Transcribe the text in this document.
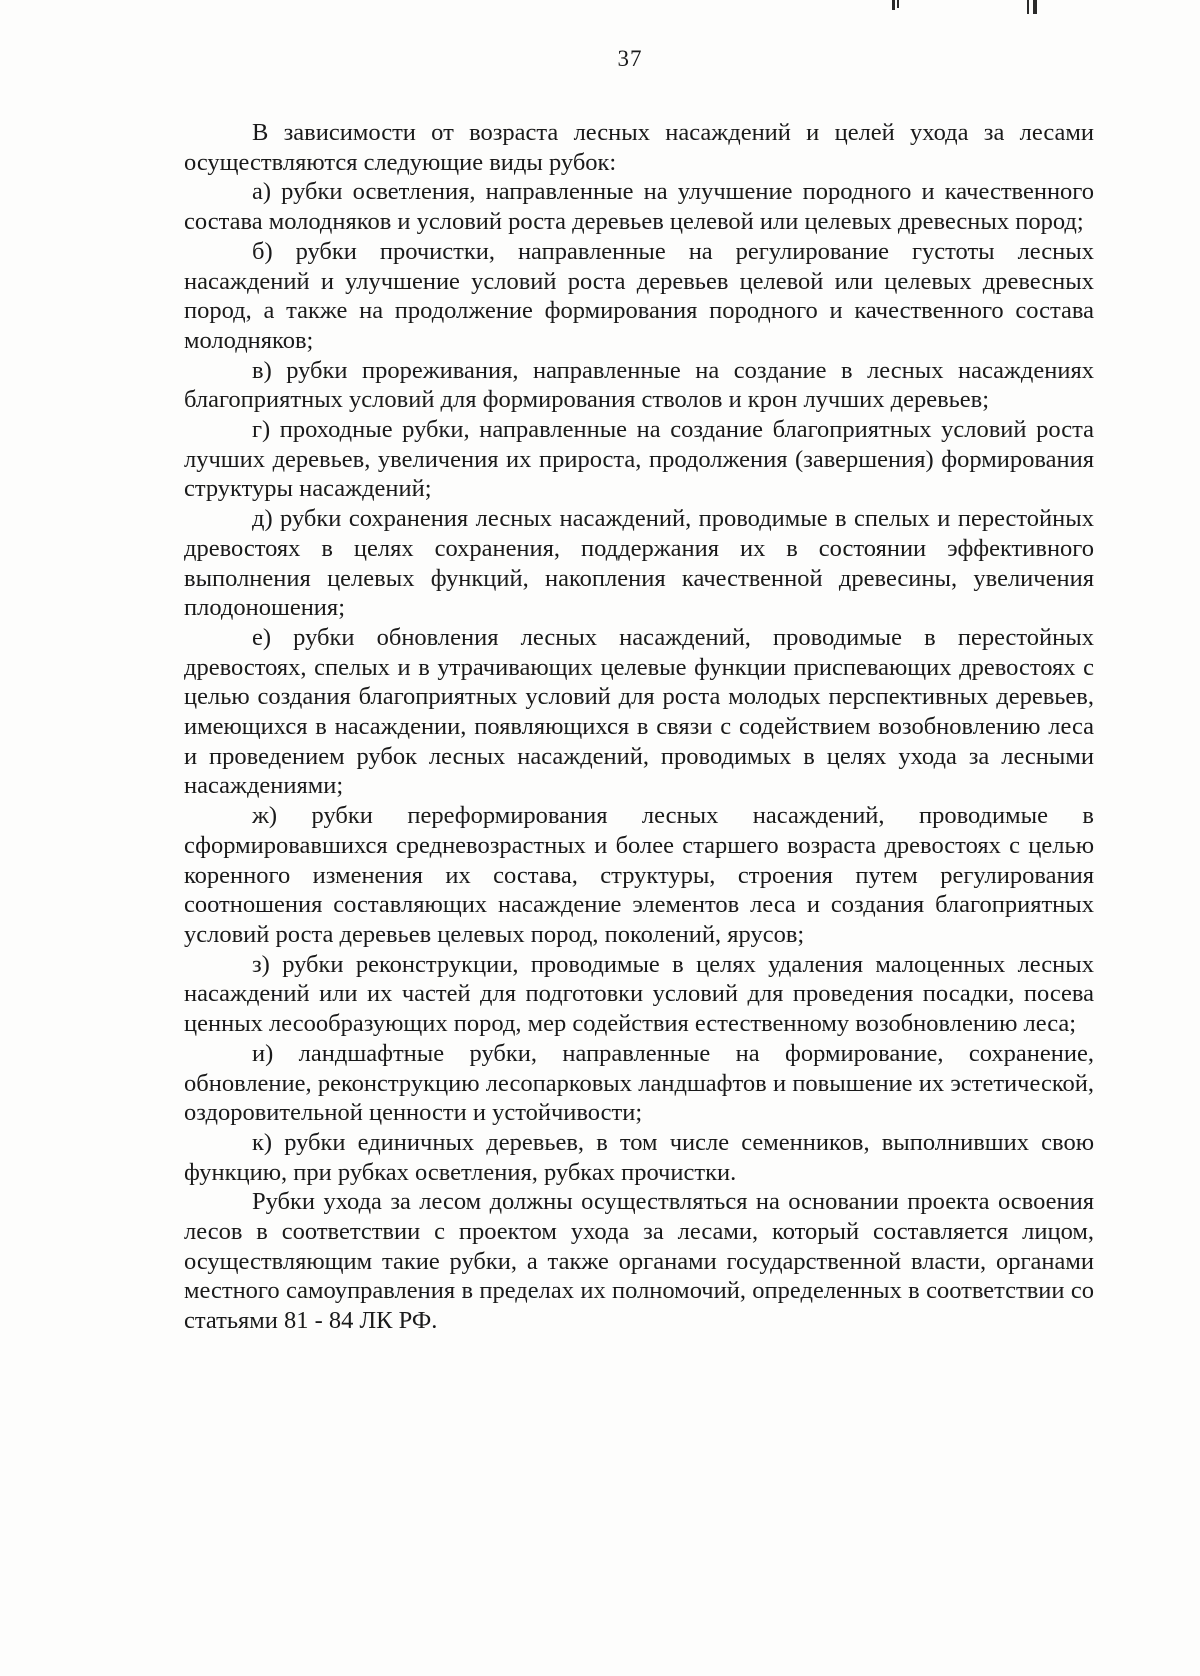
37

В зависимости от возраста лесных насаждений и целей ухода за лесами осуществляются следующие виды рубок:

а) рубки осветления, направленные на улучшение породного и качественного состава молодняков и условий роста деревьев целевой или целевых древесных пород;

б) рубки прочистки, направленные на регулирование густоты лесных насаждений и улучшение условий роста деревьев целевой или целевых древесных пород, а также на продолжение формирования породного и качественного состава молодняков;

в) рубки прореживания, направленные на создание в лесных насаждениях благоприятных условий для формирования стволов и крон лучших деревьев;

г) проходные рубки, направленные на создание благоприятных условий роста лучших деревьев, увеличения их прироста, продолжения (завершения) формирования структуры насаждений;

д) рубки сохранения лесных насаждений, проводимые в спелых и перестойных древостоях в целях сохранения, поддержания их в состоянии эффективного выполнения целевых функций, накопления качественной древесины, увеличения плодоношения;

е) рубки обновления лесных насаждений, проводимые в перестойных древостоях, спелых и в утрачивающих целевые функции приспевающих древостоях с целью создания благоприятных условий для роста молодых перспективных деревьев, имеющихся в насаждении, появляющихся в связи с содействием возобновлению леса и проведением рубок лесных насаждений, проводимых в целях ухода за лесными насаждениями;

ж) рубки переформирования лесных насаждений, проводимые в сформировавшихся средневозрастных и более старшего возраста древостоях с целью коренного изменения их состава, структуры, строения путем регулирования соотношения составляющих насаждение элементов леса и создания благоприятных условий роста деревьев целевых пород, поколений, ярусов;

з) рубки реконструкции, проводимые в целях удаления малоценных лесных насаждений или их частей для подготовки условий для проведения посадки, посева ценных лесообразующих пород, мер содействия естественному возобновлению леса;

и) ландшафтные рубки, направленные на формирование, сохранение, обновление, реконструкцию лесопарковых ландшафтов и повышение их эстетической, оздоровительной ценности и устойчивости;

к) рубки единичных деревьев, в том числе семенников, выполнивших свою функцию, при рубках осветления, рубках прочистки.

Рубки ухода за лесом должны осуществляться на основании проекта освоения лесов в соответствии с проектом ухода за лесами, который составляется лицом, осуществляющим такие рубки, а также органами государственной власти, органами местного самоуправления в пределах их полномочий, определенных в соответствии со статьями 81 - 84 ЛК РФ.
